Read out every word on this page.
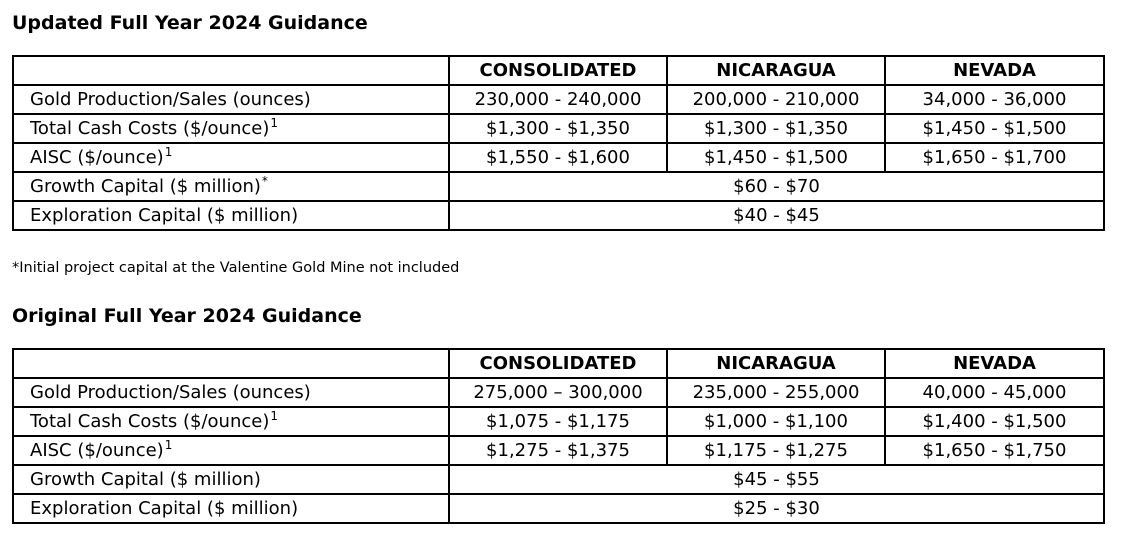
Updated Full Year 2024 Guidance
	CONSOLIDATED	NICARAGUA	NEVADA
Gold Production/Sales (ounces)	230,000 - 240,000	200,000 - 210,000	34,000 - 36,000
Total Cash Costs ($/ounce)$^1$	$1,300 - $1,350	$1,300 - $1,350	$1,450 - $1,500
AISC ($/ounce)$^1$	$1,550 - $1,600	$1,450 - $1,500	$1,650 - $1,700
Growth Capital ($ million)*	$60 - $70		
Exploration Capital ($ million)	$40 - $45		

*Initial project capital at the Valentine Gold Mine not included

Original Full Year 2024 Guidance
	CONSOLIDATED	NICARAGUA	NEVADA
Gold Production/Sales (ounces)	275,000 – 300,000	235,000 - 255,000	40,000 - 45,000
Total Cash Costs ($/ounce)$^1$	$1,075 - $1,175	$1,000 - $1,100	$1,400 - $1,500
AISC ($/ounce)$^1$	$1,275 - $1,375	$1,175 - $1,275	$1,650 - $1,750
Growth Capital ($ million)	$45 - $55		
Exploration Capital ($ million)	$25 - $30		
